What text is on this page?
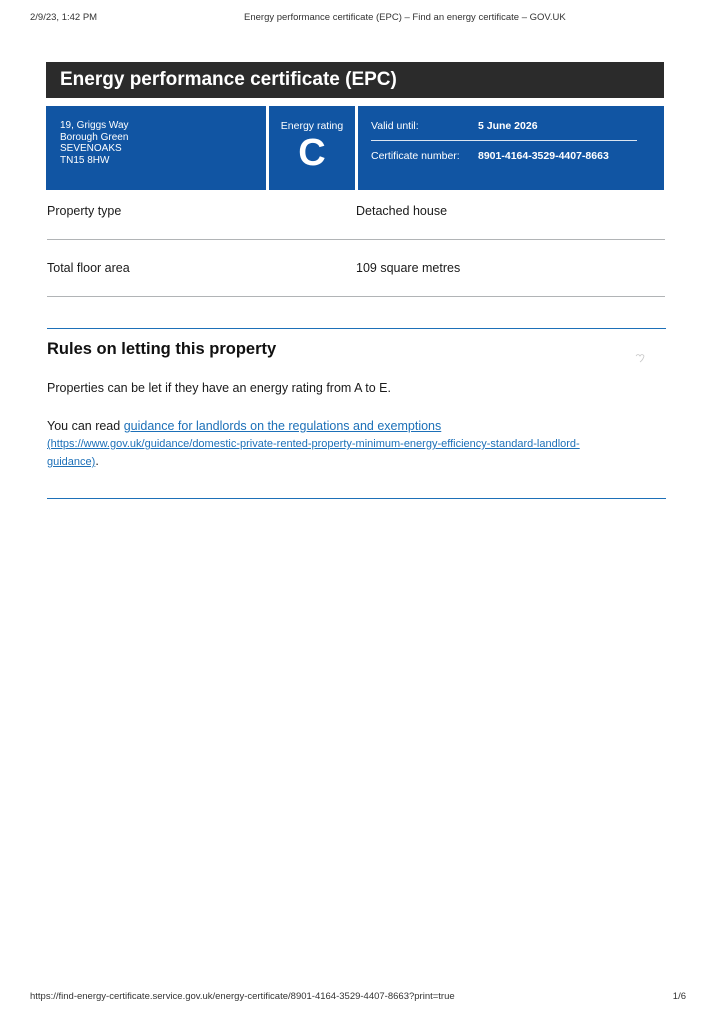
2/9/23, 1:42 PM	Energy performance certificate (EPC) – Find an energy certificate – GOV.UK
Energy performance certificate (EPC)
19, Griggs Way
Borough Green
SEVENOAKS
TN15 8HW
Energy rating
C
Valid until:	5 June 2026
Certificate number: 8901-4164-3529-4407-8663
Property type	Detached house
Total floor area	109 square metres
Rules on letting this property
Properties can be let if they have an energy rating from A to E.
You can read guidance for landlords on the regulations and exemptions
(https://www.gov.uk/guidance/domestic-private-rented-property-minimum-energy-efficiency-standard-landlord-
guidance).
https://find-energy-certificate.service.gov.uk/energy-certificate/8901-4164-3529-4407-8663?print=true	1/6
